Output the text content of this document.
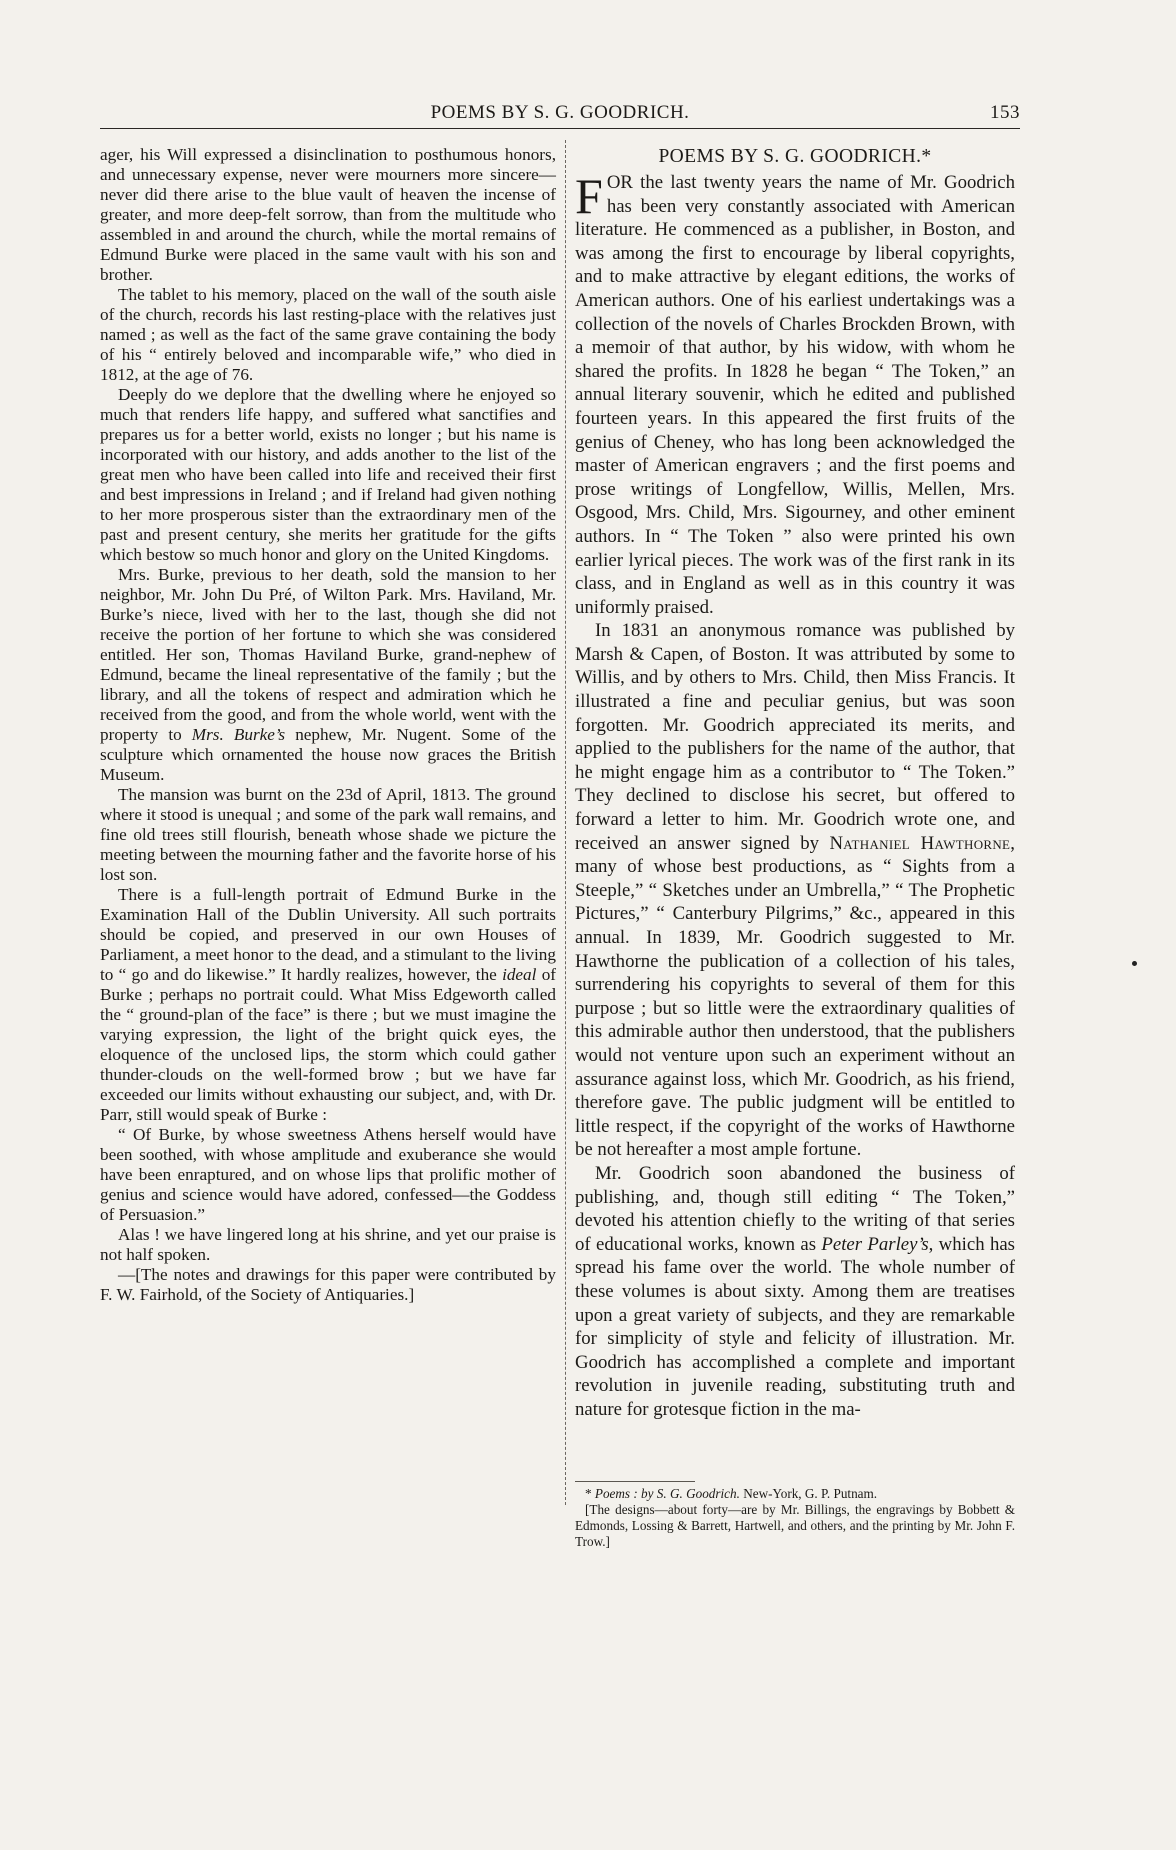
POEMS BY S. G. GOODRICH.	153

ager, his Will expressed a disinclination to posthumous honors, and unnecessary expense, never were mourners more sincere—never did there arise to the blue vault of heaven the incense of greater, and more deep-felt sorrow, than from the multitude who assembled in and around the church, while the mortal remains of Edmund Burke were placed in the same vault with his son and brother.

The tablet to his memory, placed on the wall of the south aisle of the church, records his last resting-place with the relatives just named ; as well as the fact of the same grave containing the body of his “ entirely beloved and incomparable wife,” who died in 1812, at the age of 76.

Deeply do we deplore that the dwelling where he enjoyed so much that renders life happy, and suffered what sanctifies and prepares us for a better world, exists no longer ; but his name is incorporated with our history, and adds another to the list of the great men who have been called into life and received their first and best impressions in Ireland ; and if Ireland had given nothing to her more prosperous sister than the extraordinary men of the past and present century, she merits her gratitude for the gifts which bestow so much honor and glory on the United Kingdoms.

Mrs. Burke, previous to her death, sold the mansion to her neighbor, Mr. John Du Pré, of Wilton Park. Mrs. Haviland, Mr. Burke’s niece, lived with her to the last, though she did not receive the portion of her fortune to which she was considered entitled. Her son, Thomas Haviland Burke, grand-nephew of Edmund, became the lineal representative of the family ; but the library, and all the tokens of respect and admiration which he received from the good, and from the whole world, went with the property to Mrs. Burke’s nephew, Mr. Nugent. Some of the sculpture which ornamented the house now graces the British Museum.

The mansion was burnt on the 23d of April, 1813. The ground where it stood is unequal ; and some of the park wall remains, and fine old trees still flourish, beneath whose shade we picture the meeting between the mourning father and the favorite horse of his lost son.

There is a full-length portrait of Edmund Burke in the Examination Hall of the Dublin University. All such portraits should be copied, and preserved in our own Houses of Parliament, a meet honor to the dead, and a stimulant to the living to “ go and do likewise.” It hardly realizes, however, the ideal of Burke ; perhaps no portrait could. What Miss Edgeworth called the “ ground-plan of the face” is there ; but we must imagine the varying expression, the light of the bright quick eyes, the eloquence of the unclosed lips, the storm which could gather thunder-clouds on the well-formed brow ; but we have far exceeded our limits without exhausting our subject, and, with Dr. Parr, still would speak of Burke :

“ Of Burke, by whose sweetness Athens herself would have been soothed, with whose amplitude and exuberance she would have been enraptured, and on whose lips that prolific mother of genius and science would have adored, confessed—the Goddess of Persuasion.”

Alas ! we have lingered long at his shrine, and yet our praise is not half spoken.

—[The notes and drawings for this paper were contributed by F. W. Fairhold, of the Society of Antiquaries.]

POEMS BY S. G. GOODRICH.*

FOR the last twenty years the name of Mr. Goodrich has been very constantly associated with American literature. He commenced as a publisher, in Boston, and was among the first to encourage by liberal copyrights, and to make attractive by elegant editions, the works of American authors. One of his earliest undertakings was a collection of the novels of Charles Brockden Brown, with a memoir of that author, by his widow, with whom he shared the profits. In 1828 he began “ The Token,” an annual literary souvenir, which he edited and published fourteen years. In this appeared the first fruits of the genius of Cheney, who has long been acknowledged the master of American engravers ; and the first poems and prose writings of Longfellow, Willis, Mellen, Mrs. Osgood, Mrs. Child, Mrs. Sigourney, and other eminent authors. In “ The Token ” also were printed his own earlier lyrical pieces. The work was of the first rank in its class, and in England as well as in this country it was uniformly praised.

In 1831 an anonymous romance was published by Marsh & Capen, of Boston. It was attributed by some to Willis, and by others to Mrs. Child, then Miss Francis. It illustrated a fine and peculiar genius, but was soon forgotten. Mr. Goodrich appreciated its merits, and applied to the publishers for the name of the author, that he might engage him as a contributor to “ The Token.” They declined to disclose his secret, but offered to forward a letter to him. Mr. Goodrich wrote one, and received an answer signed by Nathaniel Hawthorne, many of whose best productions, as “ Sights from a Steeple,” “ Sketches under an Umbrella,” “ The Prophetic Pictures,” “ Canterbury Pilgrims,” &c., appeared in this annual. In 1839, Mr. Goodrich suggested to Mr. Hawthorne the publication of a collection of his tales, surrendering his copyrights to several of them for this purpose ; but so little were the extraordinary qualities of this admirable author then understood, that the publishers would not venture upon such an experiment without an assurance against loss, which Mr. Goodrich, as his friend, therefore gave. The public judgment will be entitled to little respect, if the copyright of the works of Hawthorne be not hereafter a most ample fortune.

Mr. Goodrich soon abandoned the business of publishing, and, though still editing “ The Token,” devoted his attention chiefly to the writing of that series of educational works, known as Peter Parley’s, which has spread his fame over the world. The whole number of these volumes is about sixty. Among them are treatises upon a great variety of subjects, and they are remarkable for simplicity of style and felicity of illustration. Mr. Goodrich has accomplished a complete and important revolution in juvenile reading, substituting truth and nature for grotesque fiction in the ma-

* Poems : by S. G. Goodrich. New-York, G. P. Putnam.

[The designs—about forty—are by Mr. Billings, the engravings by Bobbett & Edmonds, Lossing & Barrett, Hartwell, and others, and the printing by Mr. John F. Trow.]
